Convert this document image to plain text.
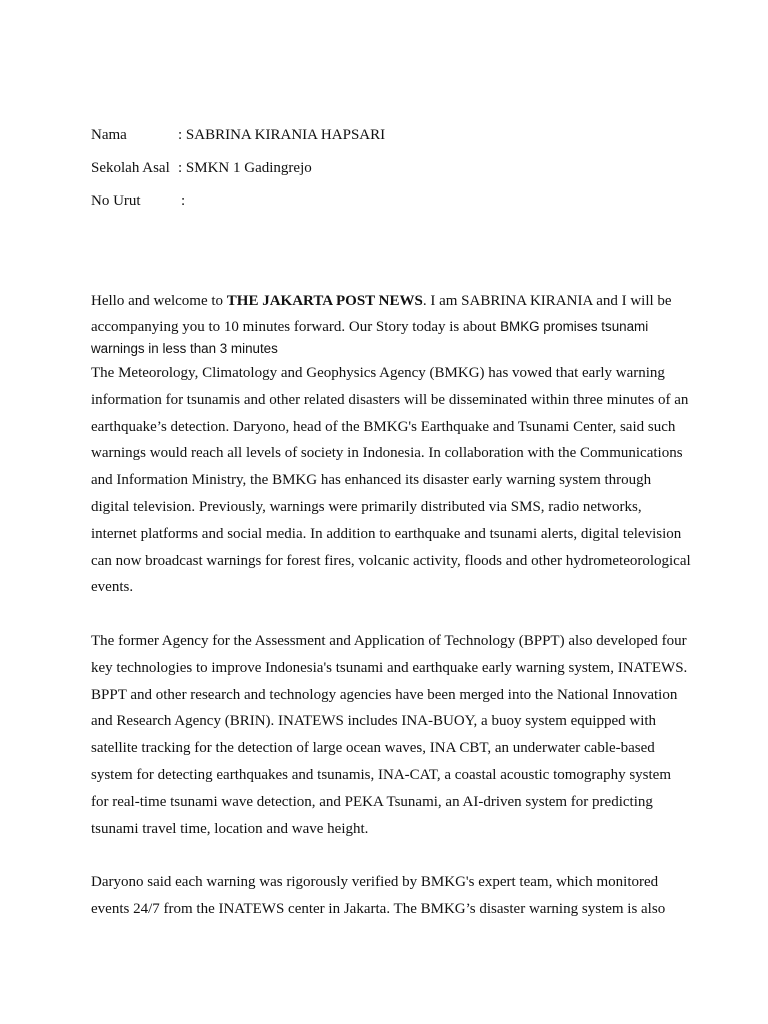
Nama	: SABRINA KIRANIA HAPSARI
Sekolah Asal : SMKN 1 Gadingrejo
No Urut	:

Hello and welcome to THE JAKARTA POST NEWS. I am SABRINA KIRANIA and I will be accompanying you to 10 minutes forward. Our Story today is about BMKG promises tsunami
warnings in less than 3 minutes

The Meteorology, Climatology and Geophysics Agency (BMKG) has vowed that early warning information for tsunamis and other related disasters will be disseminated within three minutes of an earthquake’s detection. Daryono, head of the BMKG's Earthquake and Tsunami Center, said such warnings would reach all levels of society in Indonesia. In collaboration with the Communications and Information Ministry, the BMKG has enhanced its disaster early warning system through digital television. Previously, warnings were primarily distributed via SMS, radio networks, internet platforms and social media. In addition to earthquake and tsunami alerts, digital television can now broadcast warnings for forest fires, volcanic activity, floods and other hydrometeorological events.

The former Agency for the Assessment and Application of Technology (BPPT) also developed four key technologies to improve Indonesia's tsunami and earthquake early warning system, INATEWS. BPPT and other research and technology agencies have been merged into the National Innovation and Research Agency (BRIN). INATEWS includes INA-BUOY, a buoy system equipped with satellite tracking for the detection of large ocean waves, INA CBT, an underwater cable-based system for detecting earthquakes and tsunamis, INA-CAT, a coastal acoustic tomography system for real-time tsunami wave detection, and PEKA Tsunami, an AI-driven system for predicting tsunami travel time, location and wave height.

Daryono said each warning was rigorously verified by BMKG's expert team, which monitored events 24/7 from the INATEWS center in Jakarta. The BMKG’s disaster warning system is also
